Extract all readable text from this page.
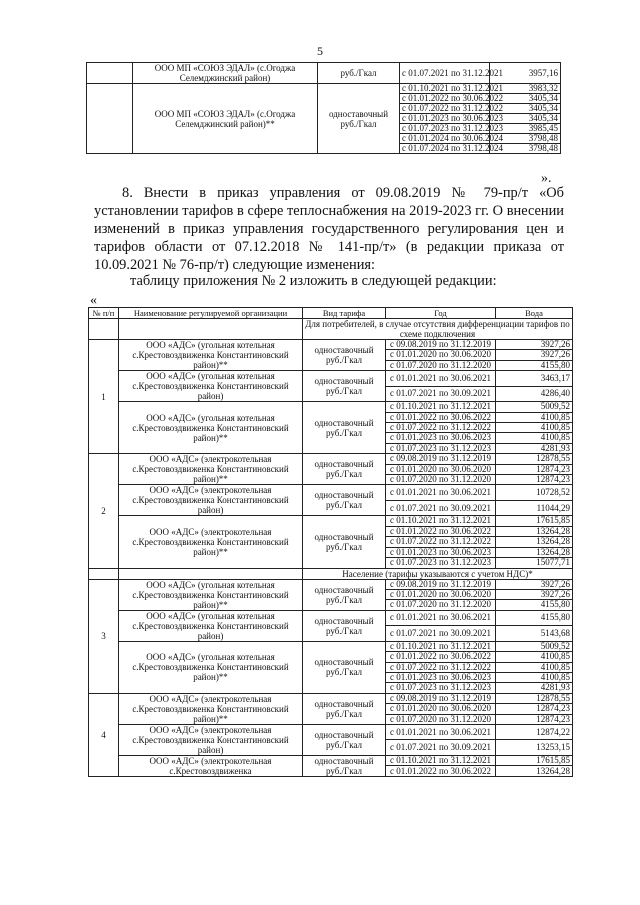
5
	ООО МП «СОЮЗ ЭДАЛ» (с.Огоджа Селемджинский район)	руб./Гкал	с 01.07.2021 по 31.12.2021	3957,16
	ООО МП «СОЮЗ ЭДАЛ» (с.Огоджа Селемджинский район)**	одноставочный руб./Гкал	с 01.10.2021 по 31.12.2021	3983,32
			с 01.01.2022 по 30.06.2022	3405,34
			с 01.07.2022 по 31.12.2022	3405,34
			с 01.01.2023 по 30.06.2023	3405,34
			с 01.07.2023 по 31.12.2023	3985,45
			с 01.01.2024 по 30.06.2024	3798,48
			с 01.07.2024 по 31.12.2024	3798,48
».

8. Внести в приказ управления от 09.08.2019 № 79-пр/т «Об установлении тарифов в сфере теплоснабжения на 2019-2023 гг. О внесении изменений в приказ управления государственного регулирования цен и тарифов области от 07.12.2018 № 141-пр/т» (в редакции приказа от 10.09.2021 № 76-пр/т) следующие изменения:

таблицу приложения № 2 изложить в следующей редакции:
«
№ п/п	Наименование регулируемой организации	Вид тарифа	Год	Вода
		Для потребителей, в случае отсутствия дифференциации тарифов по схеме подключения		
1	ООО «АДС» (угольная котельная с.Крестовоздвиженка Константиновский район)**	одноставочный руб./Гкал	с 09.08.2019 по 31.12.2019	3927,26
			с 01.01.2020 по 30.06.2020	3927,26
			с 01.07.2020 по 31.12.2020	4155,80
	ООО «АДС» (угольная котельная с.Крестовоздвиженка Константиновский район)	одноставочный руб./Гкал	с 01.01.2021 по 30.06.2021	3463,17
			с 01.07.2021 по 30.09.2021	4286,40
	ООО «АДС» (угольная котельная с.Крестовоздвиженка Константиновский район)**	одноставочный руб./Гкал	с 01.10.2021 по 31.12.2021	5009,52
			с 01.01.2022 по 30.06.2022	4100,85
			с 01.07.2022 по 31.12.2022	4100,85
			с 01.01.2023 по 30.06.2023	4100,85
			с 01.07.2023 по 31.12.2023	4281,93
2	ООО «АДС» (электрокотельная с.Крестовоздвиженка Константиновский район)**	одноставочный руб./Гкал	с 09.08.2019 по 31.12.2019	12878,55
			с 01.01.2020 по 30.06.2020	12874,23
			с 01.07.2020 по 31.12.2020	12874,23
	ООО «АДС» (электрокотельная с.Крестовоздвиженка Константиновский район)	одноставочный руб./Гкал	с 01.01.2021 по 30.06.2021	10728,52
			с 01.07.2021 по 30.09.2021	11044,29
	ООО «АДС» (электрокотельная с.Крестовоздвиженка Константиновский район)**	одноставочный руб./Гкал	с 01.10.2021 по 31.12.2021	17615,85
			с 01.01.2022 по 30.06.2022	13264,28
			с 01.07.2022 по 31.12.2022	13264,28
			с 01.01.2023 по 30.06.2023	13264,28
			с 01.07.2023 по 31.12.2023	15077,71
		Население (тарифы указываются с учетом НДС)*		
3	ООО «АДС» (угольная котельная с.Крестовоздвиженка Константиновский район)**	одноставочный руб./Гкал	с 09.08.2019 по 31.12.2019	3927,26
			с 01.01.2020 по 30.06.2020	3927,26
			с 01.07.2020 по 31.12.2020	4155,80
	ООО «АДС» (угольная котельная с.Крестовоздвиженка Константиновский район)	одноставочный руб./Гкал	с 01.01.2021 по 30.06.2021	4155,80
			с 01.07.2021 по 30.09.2021	5143,68
	ООО «АДС» (угольная котельная с.Крестовоздвиженка Константиновский район)**	одноставочный руб./Гкал	с 01.10.2021 по 31.12.2021	5009,52
			с 01.01.2022 по 30.06.2022	4100,85
			с 01.07.2022 по 31.12.2022	4100,85
			с 01.01.2023 по 30.06.2023	4100,85
			с 01.07.2023 по 31.12.2023	4281,93
4	ООО «АДС» (электрокотельная с.Крестовоздвиженка Константиновский район)**	одноставочный руб./Гкал	с 09.08.2019 по 31.12.2019	12878,55
			с 01.01.2020 по 30.06.2020	12874,23
			с 01.07.2020 по 31.12.2020	12874,23
	ООО «АДС» (электрокотельная с.Крестовоздвиженка Константиновский район)	одноставочный руб./Гкал	с 01.01.2021 по 30.06.2021	12874,22
			с 01.07.2021 по 30.09.2021	13253,15
	ООО «АДС» (электрокотельная с.Крестовоздвиженка	одноставочный руб./Гкал	с 01.10.2021 по 31.12.2021	17615,85
			с 01.01.2022 по 30.06.2022	13264,28
